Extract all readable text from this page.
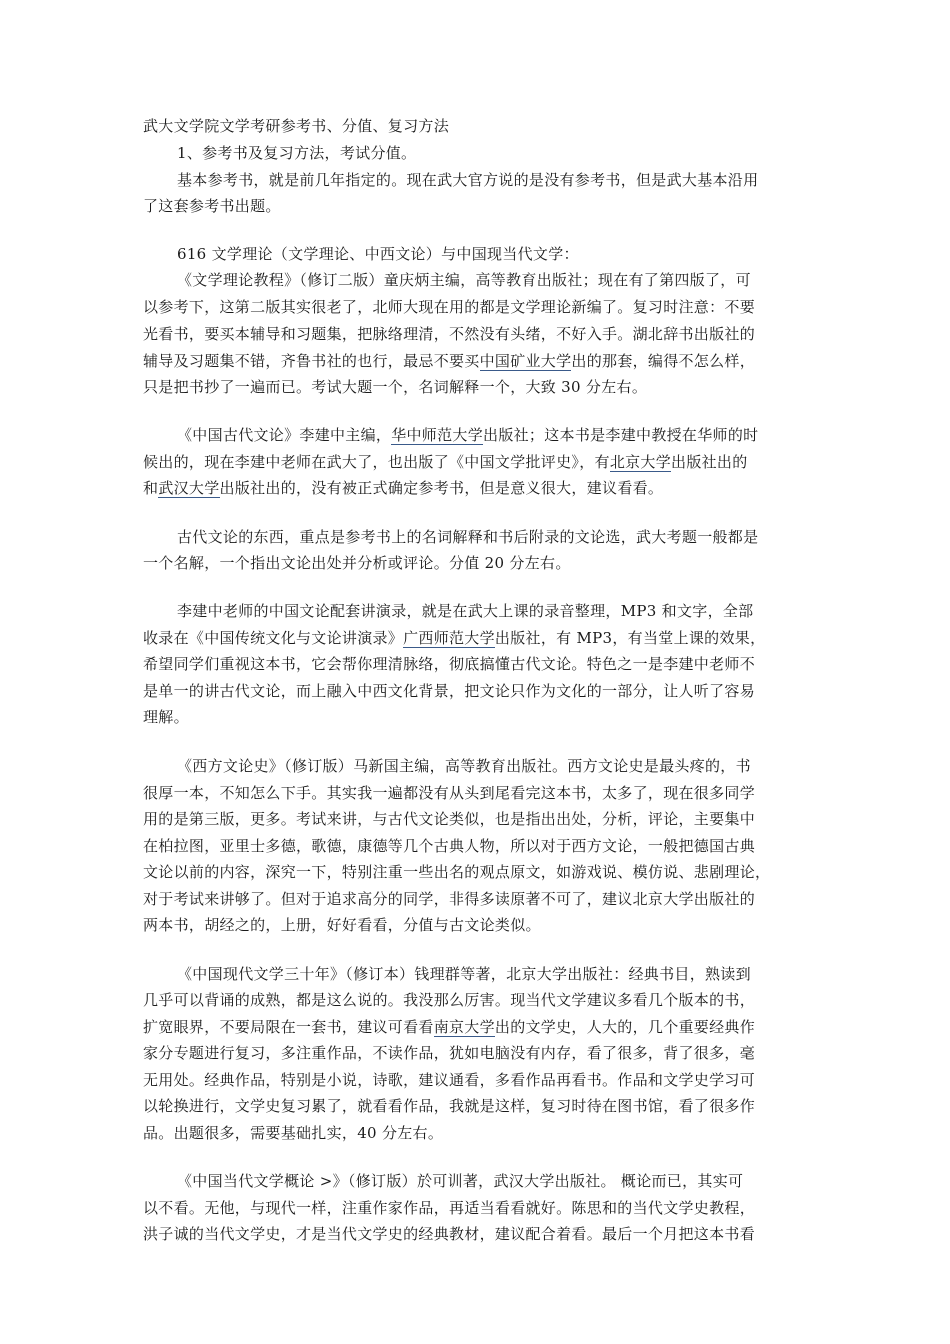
武大文学院文学考研参考书、分值、复习方法
1、参考书及复习方法，考试分值。
基本参考书，就是前几年指定的。现在武大官方说的是没有参考书，但是武大基本沿用
了这套参考书出题。
616 文学理论（文学理论、中西文论）与中国现当代文学：
《文学理论教程》（修订二版）童庆炳主编，高等教育出版社；现在有了第四版了，可
以参考下，这第二版其实很老了，北师大现在用的都是文学理论新编了。复习时注意：不要
光看书，要买本辅导和习题集，把脉络理清，不然没有头绪，不好入手。湖北辞书出版社的
辅导及习题集不错，齐鲁书社的也行，最忌不要买中国矿业大学出的那套，编得不怎么样，
只是把书抄了一遍而已。考试大题一个，名词解释一个，大致 30 分左右。
《中国古代文论》李建中主编，华中师范大学出版社；这本书是李建中教授在华师的时
候出的，现在李建中老师在武大了，也出版了《中国文学批评史》，有北京大学出版社出的
和武汉大学出版社出的，没有被正式确定参考书，但是意义很大，建议看看。
古代文论的东西，重点是参考书上的名词解释和书后附录的文论选，武大考题一般都是
一个名解，一个指出文论出处并分析或评论。分值 20 分左右。
李建中老师的中国文论配套讲演录，就是在武大上课的录音整理，MP3 和文字，全部
收录在《中国传统文化与文论讲演录》广西师范大学出版社，有 MP3，有当堂上课的效果，
希望同学们重视这本书，它会帮你理清脉络，彻底搞懂古代文论。特色之一是李建中老师不
是单一的讲古代文论，而上融入中西文化背景，把文论只作为文化的一部分，让人听了容易
理解。
《西方文论史》（修订版）马新国主编，高等教育出版社。西方文论史是最头疼的，书
很厚一本，不知怎么下手。其实我一遍都没有从头到尾看完这本书，太多了，现在很多同学
用的是第三版，更多。考试来讲，与古代文论类似，也是指出出处，分析，评论，主要集中
在柏拉图，亚里士多德，歌德，康德等几个古典人物，所以对于西方文论，一般把德国古典
文论以前的内容，深究一下，特别注重一些出名的观点原文，如游戏说、模仿说、悲剧理论，
对于考试来讲够了。但对于追求高分的同学，非得多读原著不可了，建议北京大学出版社的
两本书，胡经之的，上册，好好看看，分值与古文论类似。
《中国现代文学三十年》（修订本）钱理群等著，北京大学出版社：经典书目，熟读到
几乎可以背诵的成熟，都是这么说的。我没那么厉害。现当代文学建议多看几个版本的书，
扩宽眼界，不要局限在一套书，建议可看看南京大学出的文学史，人大的，几个重要经典作
家分专题进行复习，多注重作品，不读作品，犹如电脑没有内存，看了很多，背了很多，毫
无用处。经典作品，特别是小说，诗歌，建议通看，多看作品再看书。作品和文学史学习可
以轮换进行，文学史复习累了，就看看作品，我就是这样，复习时待在图书馆，看了很多作
品。出题很多，需要基础扎实，40 分左右。
《中国当代文学概论 >》（修订版）於可训著，武汉大学出版社。 概论而已，其实可
以不看。无他，与现代一样，注重作家作品，再适当看看就好。陈思和的当代文学史教程，
洪子诚的当代文学史，才是当代文学史的经典教材，建议配合着看。最后一个月把这本书看
